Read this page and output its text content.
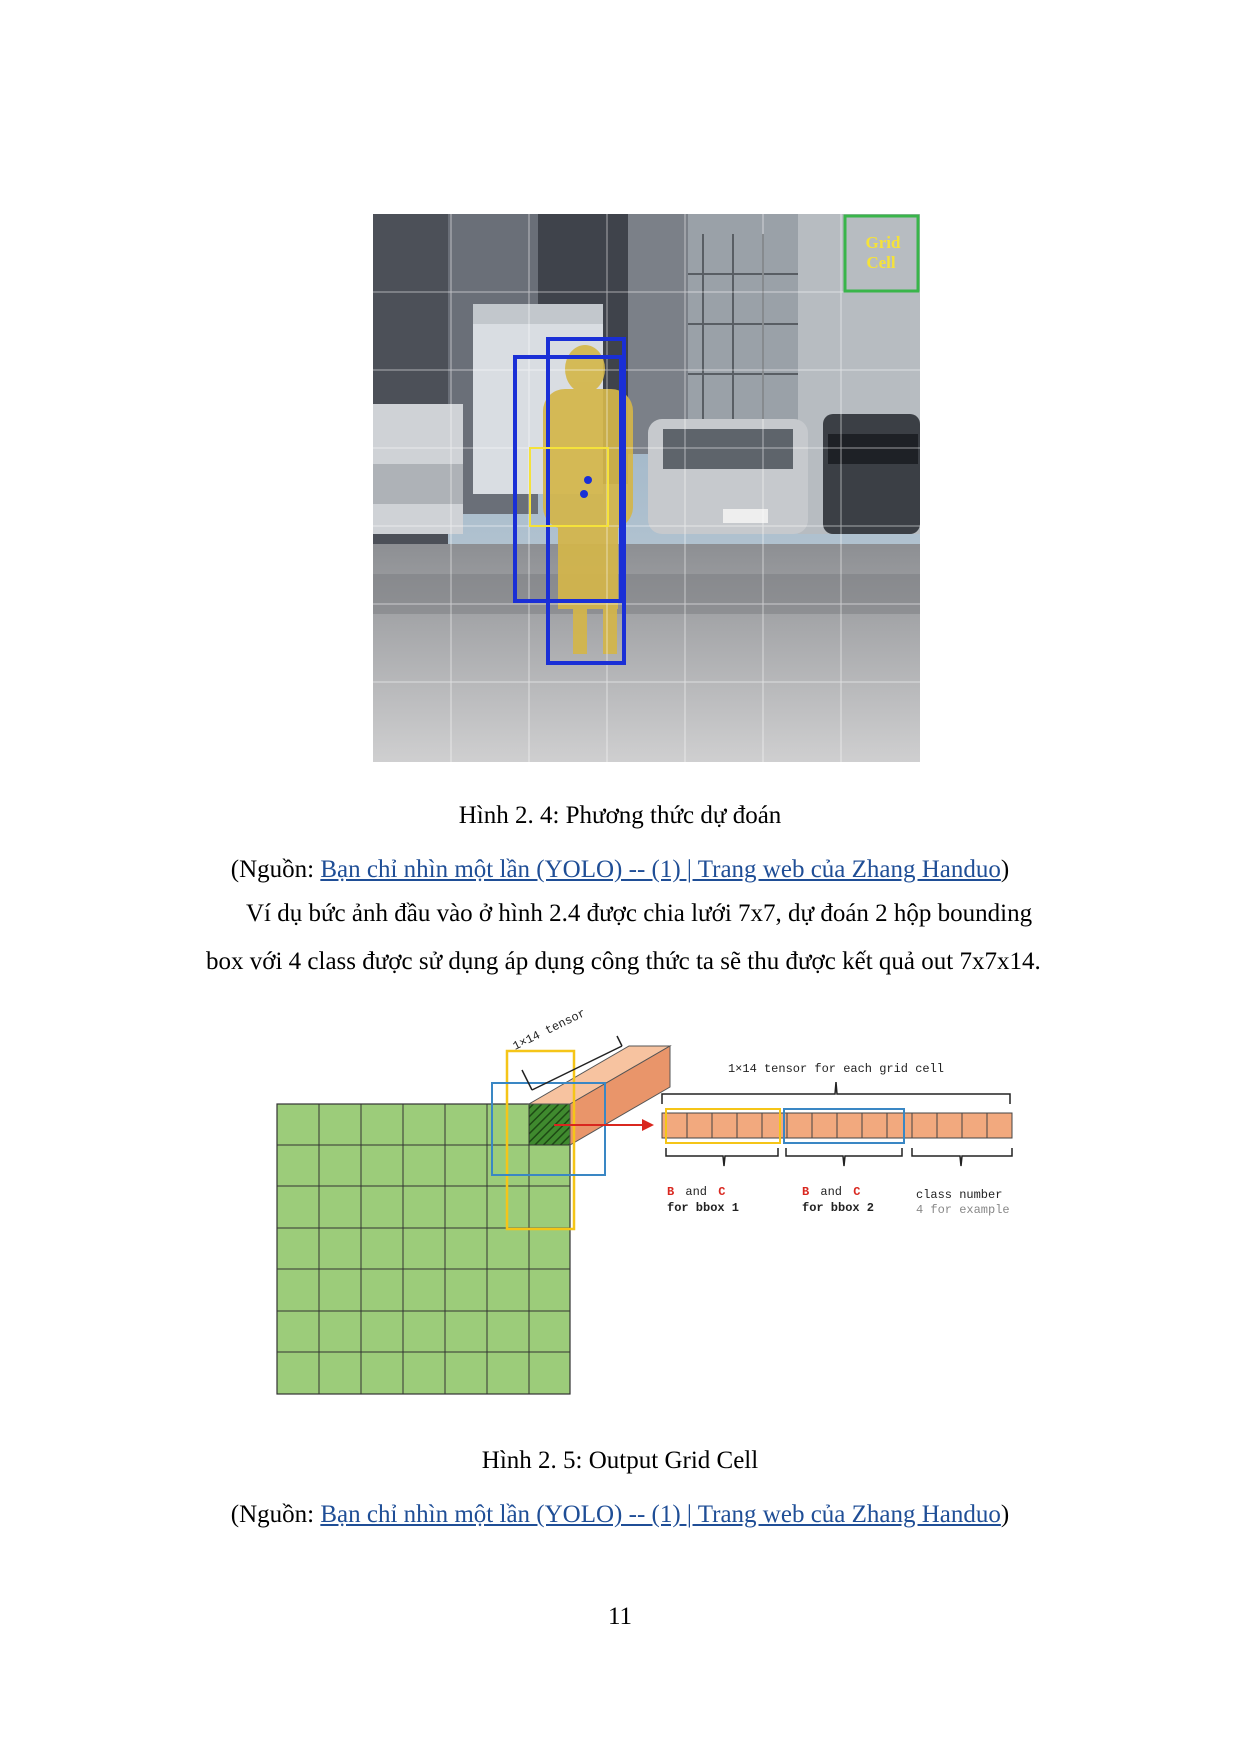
Grid
Cell
Hình 2. 4: Phương thức dự đoán
(Nguồn: Bạn chỉ nhìn một lần (YOLO) -- (1) | Trang web của Zhang Handuo)
Ví dụ bức ảnh đầu vào ở hình 2.4 được chia lưới 7x7, dự đoán 2 hộp bounding
box với 4 class được sử dụng áp dụng công thức ta sẽ thu được kết quả out 7x7x14.
1×14 tensor
1×14 tensor for each grid cell
B and C
for bbox 1
B and C
for bbox 2
class number
4 for example
Hình 2. 5: Output Grid Cell
(Nguồn: Bạn chỉ nhìn một lần (YOLO) -- (1) | Trang web của Zhang Handuo)
11
